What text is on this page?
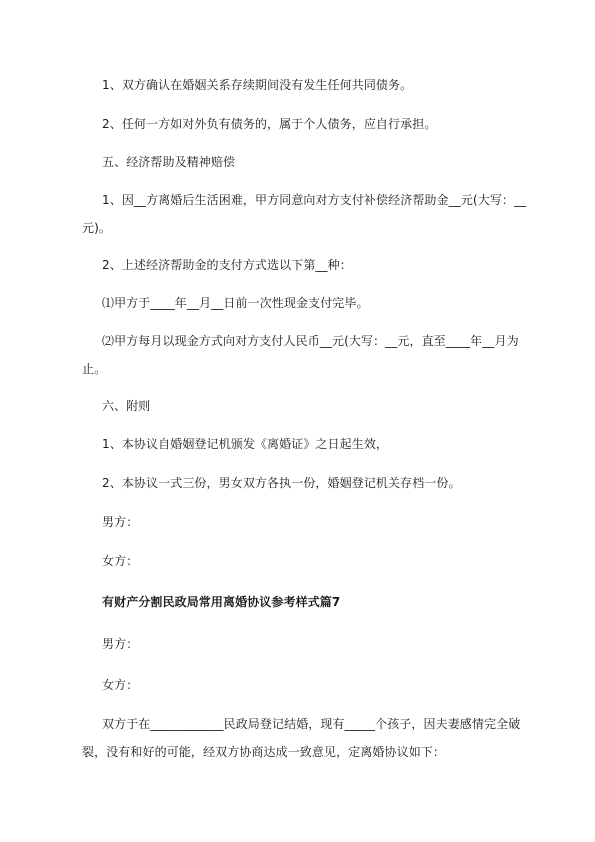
1、双方确认在婚姻关系存续期间没有发生任何共同债务。
2、任何一方如对外负有债务的，属于个人债务，应自行承担。
五、经济帮助及精神赔偿
1、因__方离婚后生活困难，甲方同意向对方支付补偿经济帮助金__元(大写：__元)。
2、上述经济帮助金的支付方式选以下第__种：
⑴甲方于____年__月__日前一次性现金支付完毕。
⑵甲方每月以现金方式向对方支付人民币__元(大写：__元，直至____年__月为止。
六、附则
1、本协议自婚姻登记机颁发《离婚证》之日起生效，
2、本协议一式三份，男女双方各执一份，婚姻登记机关存档一份。
男方：
女方：
有财产分割民政局常用离婚协议参考样式篇7
男方：
女方：
双方于在____________民政局登记结婚，现有_____个孩子，因夫妻感情完全破裂，没有和好的可能，经双方协商达成一致意见，定离婚协议如下：
